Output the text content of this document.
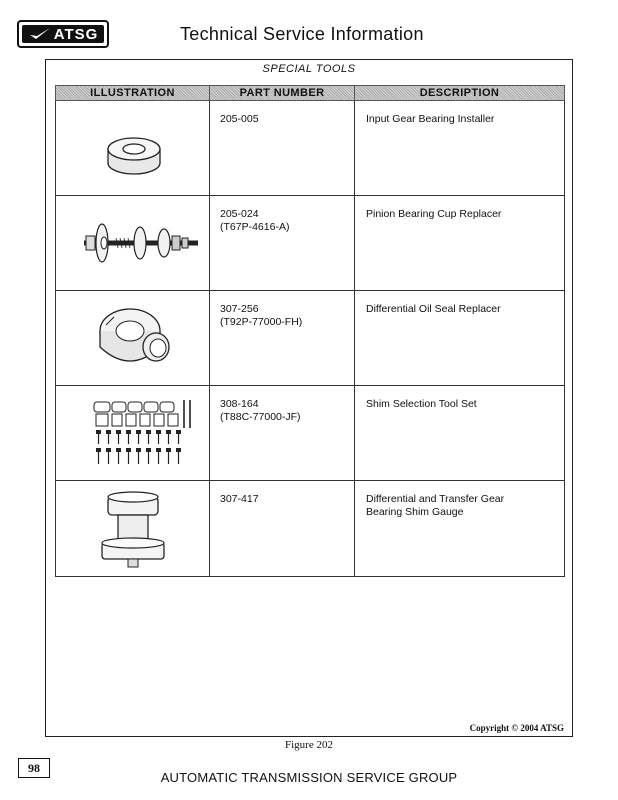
ATSG	Technical Service Information
SPECIAL TOOLS
ILLUSTRATION	PART NUMBER	DESCRIPTION

205-005	Input Gear Bearing Installer

205-024
(T67P-4616-A)	Pinion Bearing Cup Replacer

307-256
(T92P-77000-FH)	Differential Oil Seal Replacer

308-164
(T88C-77000-JF)	Shim Selection Tool Set

307-417	Differential and Transfer Gear
Bearing Shim Gauge
Copyright © 2004 ATSG
Figure 202
98
AUTOMATIC TRANSMISSION SERVICE GROUP
